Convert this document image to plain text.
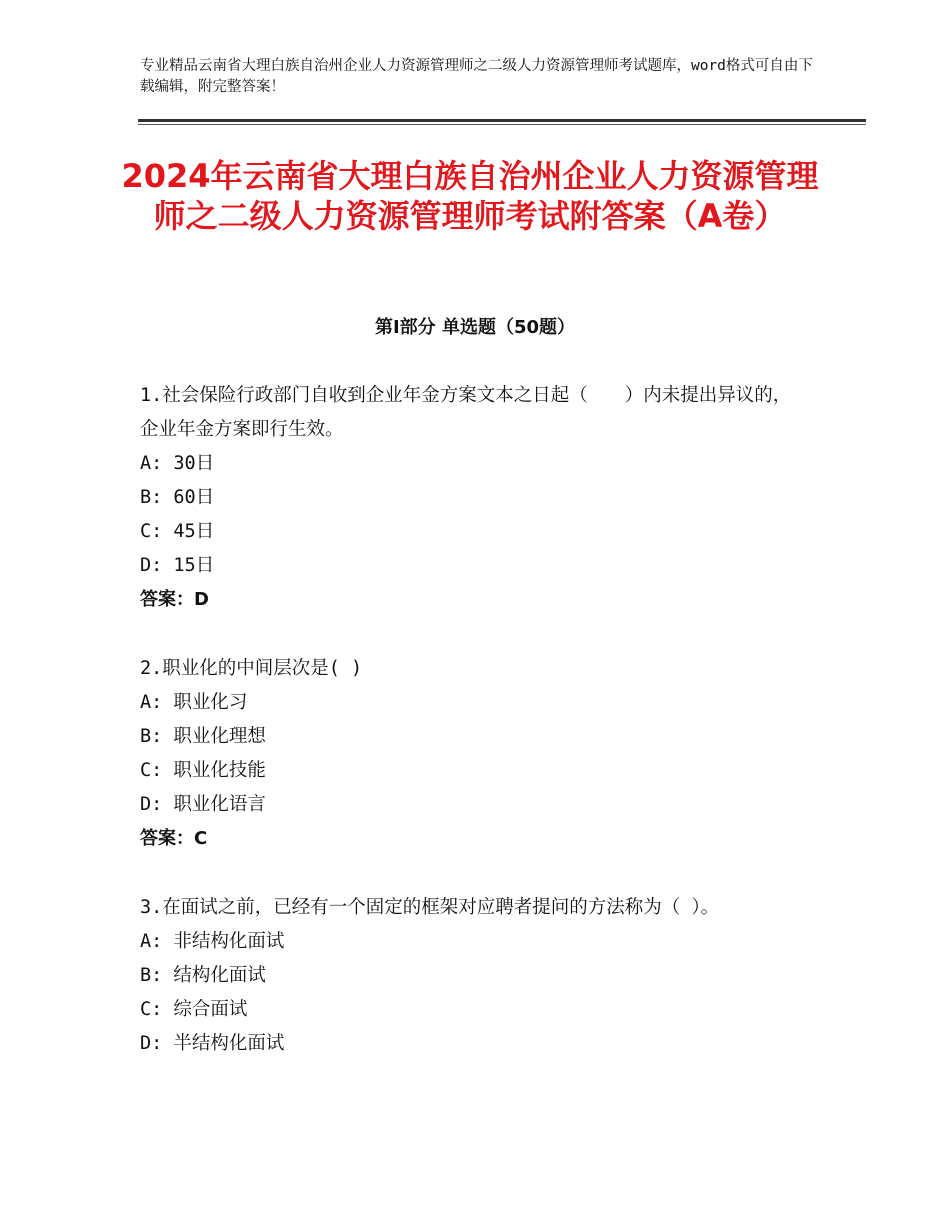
专业精品云南省大理白族自治州企业人力资源管理师之二级人力资源管理师考试题库，word格式可自由下载编辑，附完整答案！
2024年云南省大理白族自治州企业人力资源管理师之二级人力资源管理师考试附答案（A卷）
第Ⅰ部分 单选题（50题）
1.社会保险行政部门自收到企业年金方案文本之日起（　　）内未提出异议的，企业年金方案即行生效。
A: 30日
B: 60日
C: 45日
D: 15日
答案：D
2.职业化的中间层次是( )
A: 职业化习
B: 职业化理想
C: 职业化技能
D: 职业化语言
答案：C
3.在面试之前，已经有一个固定的框架对应聘者提问的方法称为（ ）。
A: 非结构化面试
B: 结构化面试
C: 综合面试
D: 半结构化面试
